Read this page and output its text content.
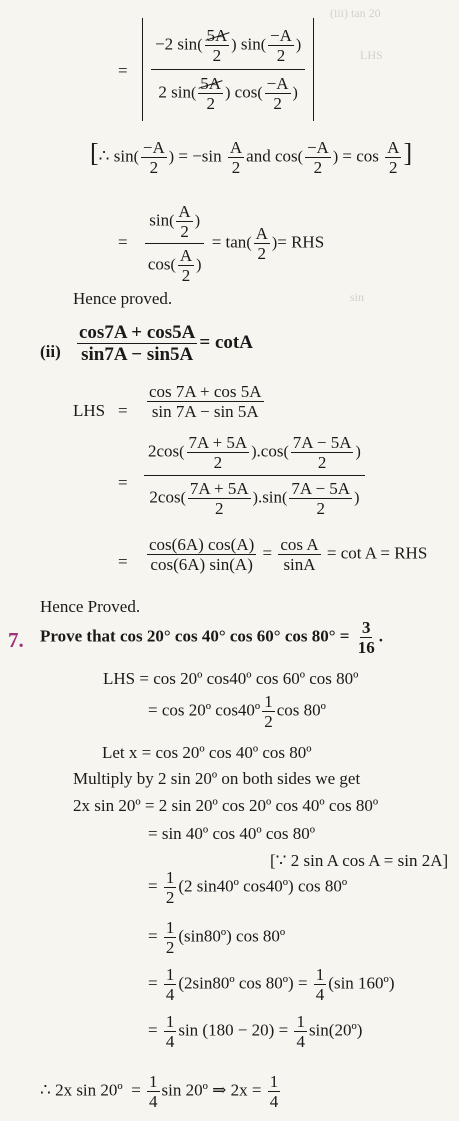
(iii) tan 20
LHS
sin
= $\frac{-2 \sin( \frac{5A}{2} ) \sin( \frac{-A}{2} )}{2 \sin( \frac{5A}{2} ) \cos( \frac{-A}{2} )}$
[∴ $\sin( \frac{-A}{2}$ ) = $-\sin \frac{A}{2}$ and $\cos( \frac{-A}{2}$ ) = $\cos \frac{A}{2}$ ]
= $\frac{\sin( \frac{A}{2} )}{\cos( \frac{A}{2} )} = \tan( \frac{A}{2}$ )= RHS
Hence proved.
$(ii) \frac{\cos 7A + \cos 5A}{\sin 7A - \sin 5A} = \cot A$
LHS = $\frac{\cos 7A + \cos 5A}{\sin 7A - \sin 5A}$
= $\frac{2\cos( \frac{7A + 5A}{2} ).\cos( \frac{7A - 5A}{2} )}{2\cos( \frac{7A + 5A}{2} ).\sin( \frac{7A - 5A}{2} )}$
= $\frac{\cos(6A) \cos(A)}{\cos(6A) \sin(A)} = \frac{\text{cos A}}{\sin A} = \cot A$ = RHS
Hence Proved.
7. Prove that cos 20° cos 40° cos 60° $\cos 80^\circ = \frac{3}{16}$ .
LHS = cos 20º cos40º cos 60º cos 80º
= cos 20º cos40º $\frac{1}{2}$ cos 80º
Let x = cos 20º cos 40º cos 80º
Multiply by 2 sin 20º on both sides we get
2x sin 20º = 2 sin 20º cos 20º cos 40º cos 80º
= sin 40º cos 40º cos 80º
[∵ 2 sin A cos A = sin 2A]
= $\frac{1}{2} (2$ sin40º cos40º) cos 80º
= $\frac{1}{2}$ (sin80º) cos 80º
= $\frac{1}{4}$ (2sin80º cos 80º) = $\frac{1}{4} (\sin$ 160º)
= $\frac{1}{4}$ $\sin (180 - 20) = \frac{1}{4}$ sin(20º)
∴ 2x sin 20º  = $\frac{1}{4}$ sin 20º ⇒ $2x = \frac{1}{4}$
